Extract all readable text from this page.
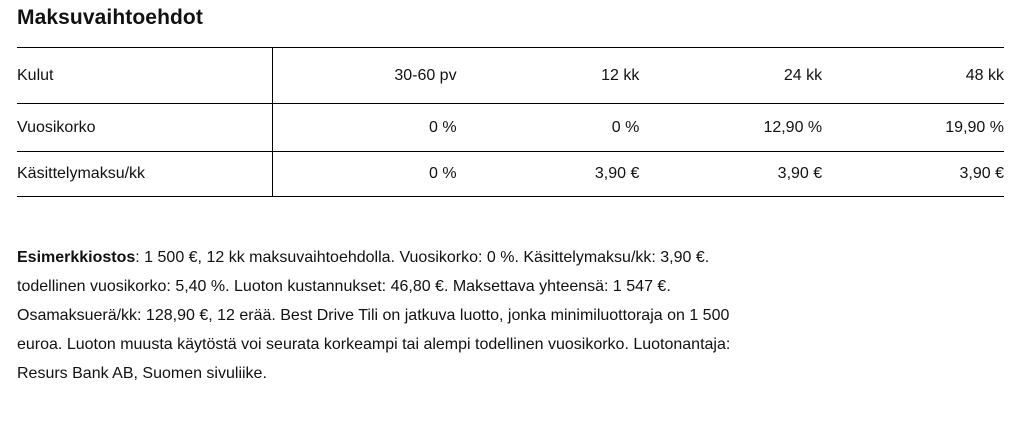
Maksuvaihtoehdot
Kulut	30-60 pv	12 kk	24 kk	48 kk
Vuosikorko	0 %	0 %	12,90 %	19,90 %
Käsittelymaksu/kk	0 %	3,90 €	3,90 €	3,90 €
Esimerkkiostos: 1 500 €, 12 kk maksuvaihtoehdolla. Vuosikorko: 0 %. Käsittelymaksu/kk: 3,90 €.
todellinen vuosikorko: 5,40 %. Luoton kustannukset: 46,80 €. Maksettava yhteensä: 1 547 €.
Osamaksuerä/kk: 128,90 €, 12 erää. Best Drive Tili on jatkuva luotto, jonka minimiluottoraja on 1 500
euroa. Luoton muusta käytöstä voi seurata korkeampi tai alempi todellinen vuosikorko. Luotonantaja:
Resurs Bank AB, Suomen sivuliike.
